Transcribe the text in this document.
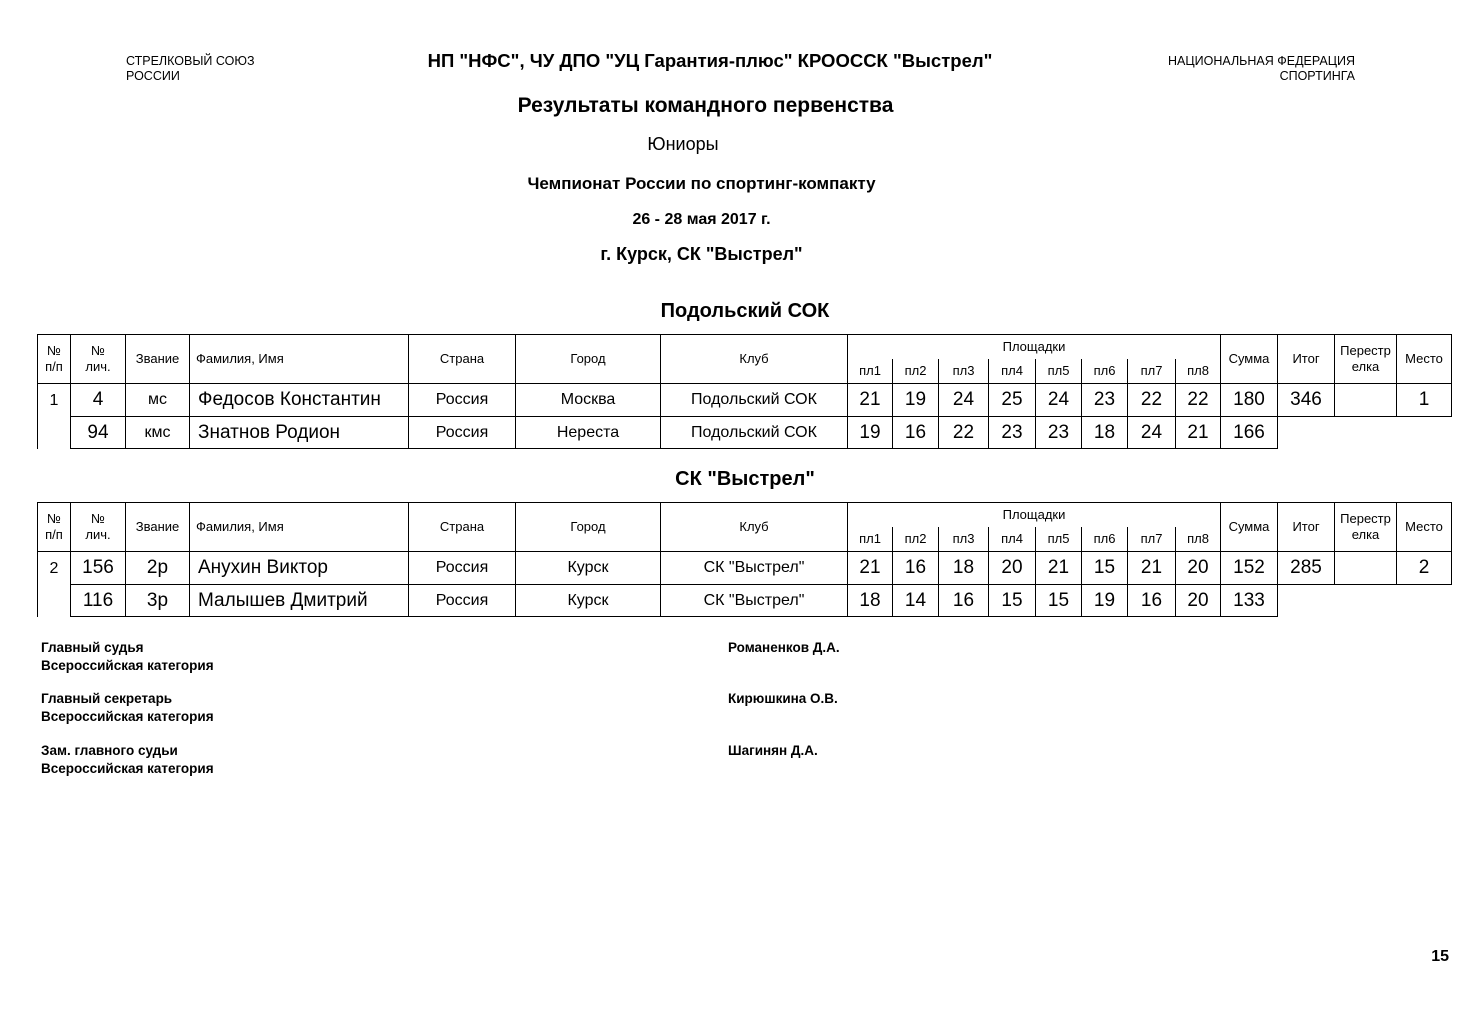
СТРЕЛКОВЫЙ СОЮЗ
РОССИИ
НП "НФС", ЧУ ДПО "УЦ Гарантия-плюс" КРООССК "Выстрел"	НАЦИОНАЛЬНАЯ ФЕДЕРАЦИЯ
СПОРТИНГА
Результаты командного первенства
Юниоры
Чемпионат России по спортинг-компакту
26 - 28 мая 2017 г.
г. Курск, СК "Выстрел"
Подольский СОК
№
п/п	№
лич.	Звание	Фамилия, Имя	Страна	Город	Клуб	Площадки								Сумма	Итог	Перестр
елка	Место
							пл1	пл2	пл3	пл4	пл5	пл6	пл7	пл8				
1	4	мс	Федосов Константин	Россия	Москва	Подольский СОК	21	19	24	25	24	23	22	22	180	346		1
	94	кмс	Знатнов Родион	Россия	Нереста	Подольский СОК	19	16	22	23	23	18	24	21	166			
СК "Выстрел"
№
п/п	№
лич.	Звание	Фамилия, Имя	Страна	Город	Клуб	Площадки								Сумма	Итог	Перестр
елка	Место
							пл1	пл2	пл3	пл4	пл5	пл6	пл7	пл8				
2	156	2р	Анухин Виктор	Россия	Курск	СК "Выстрел"	21	16	18	20	21	15	21	20	152	285		2
	116	3р	Малышев Дмитрий	Россия	Курск	СК "Выстрел"	18	14	16	15	15	19	16	20	133			
Главный судья
Всероссийская категория
Романенков Д.А.
Главный секретарь
Всероссийская категория
Кирюшкина О.В.
Зам. главного судьи
Всероссийская категория
Шагинян Д.А.
15
